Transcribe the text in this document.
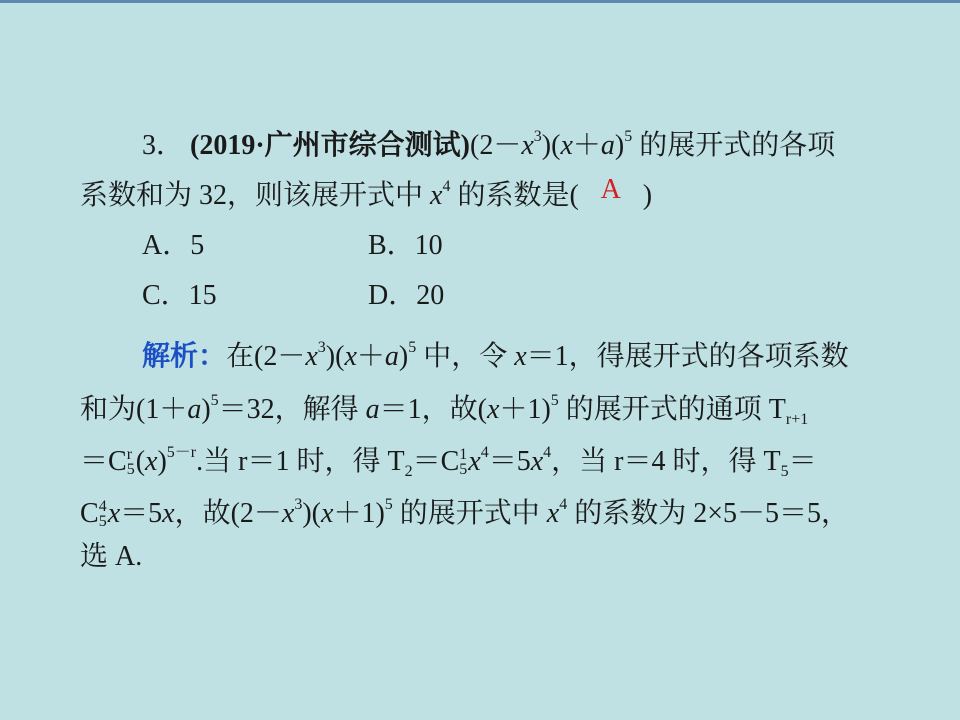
3． (2019·广州市综合测试)$(2-x^3)(x+a)^5$ 的展开式的各项
系数和为 32，则该展开式中 $x^4$ 的系数是( A )
A．5	B．10
C．15	D．20
解析：在$(2-x^3)(x+a)^5$ 中，令 x＝1，得展开式的各项系数
和为$(1+a)^5=32$，解得 a＝1，故$(x+1)^5$ 的展开式的通项 $T_{r+1}$
＝C r
5 $(x)^{5-r}$.当 r＝1 时，得 $T_2=C$ 1
5 $x^4=5x^4$，当 r＝4 时，得 $T_5=$
C 4
5 x＝5x，故$(2-x^3)(x+1)^5$ 的展开式中 $x^4$ 的系数为 2×5－5＝5，
选 A.
